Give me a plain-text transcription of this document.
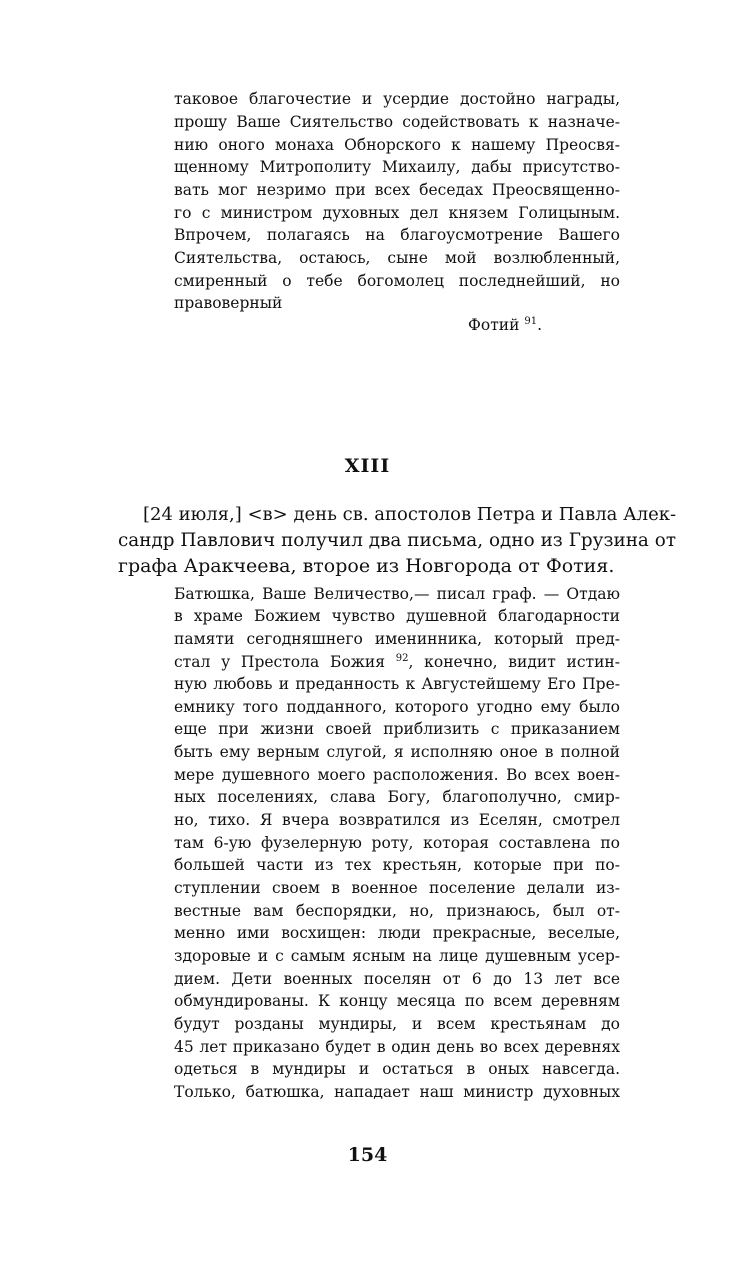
таковое благочестие и усердие достойно награды,
прошу Ваше Сиятельство содействовать к назначе-
нию оного монаха Обнорского к нашему Преосвя-
щенному Митрополиту Михаилу, дабы присутство-
вать мог незримо при всех беседах Преосвященно-
го с министром духовных дел князем Голицыным.
Впрочем, полагаясь на благоусмотрение Вашего
Сиятельства, остаюсь, сыне мой возлюбленный,
смиренный о тебе богомолец последнейший, но
правоверный
Фотий $^{91}$.
XIII
[24 июля,] <в> день св. апостолов Петра и Павла Алек-
сандр Павлович получил два письма, одно из Грузина от
графа Аракчеева, второе из Новгорода от Фотия.
Батюшка, Ваше Величество,— писал граф. — Отдаю
в храме Божием чувство душевной благодарности
памяти сегодняшнего именинника, который пред-
стал у Престола Божия $^{92}$, конечно, видит истин-
ную любовь и преданность к Августейшему Его Пре-
емнику того подданного, которого угодно ему было
еще при жизни своей приблизить с приказанием
быть ему верным слугой, я исполняю оное в полной
мере душевного моего расположения. Во всех воен-
ных поселениях, слава Богу, благополучно, смир-
но, тихо. Я вчера возвратился из Еселян, смотрел
там 6-ую фузелерную роту, которая составлена по
большей части из тех крестьян, которые при по-
ступлении своем в военное поселение делали из-
вестные вам беспорядки, но, признаюсь, был от-
менно ими восхищен: люди прекрасные, веселые,
здоровые и с самым ясным на лице душевным усер-
дием. Дети военных поселян от 6 до 13 лет все
обмундированы. К концу месяца по всем деревням
будут розданы мундиры, и всем крестьянам до
45 лет приказано будет в один день во всех деревнях
одеться в мундиры и остаться в оных навсегда.
Только, батюшка, нападает наш министр духовных
154
